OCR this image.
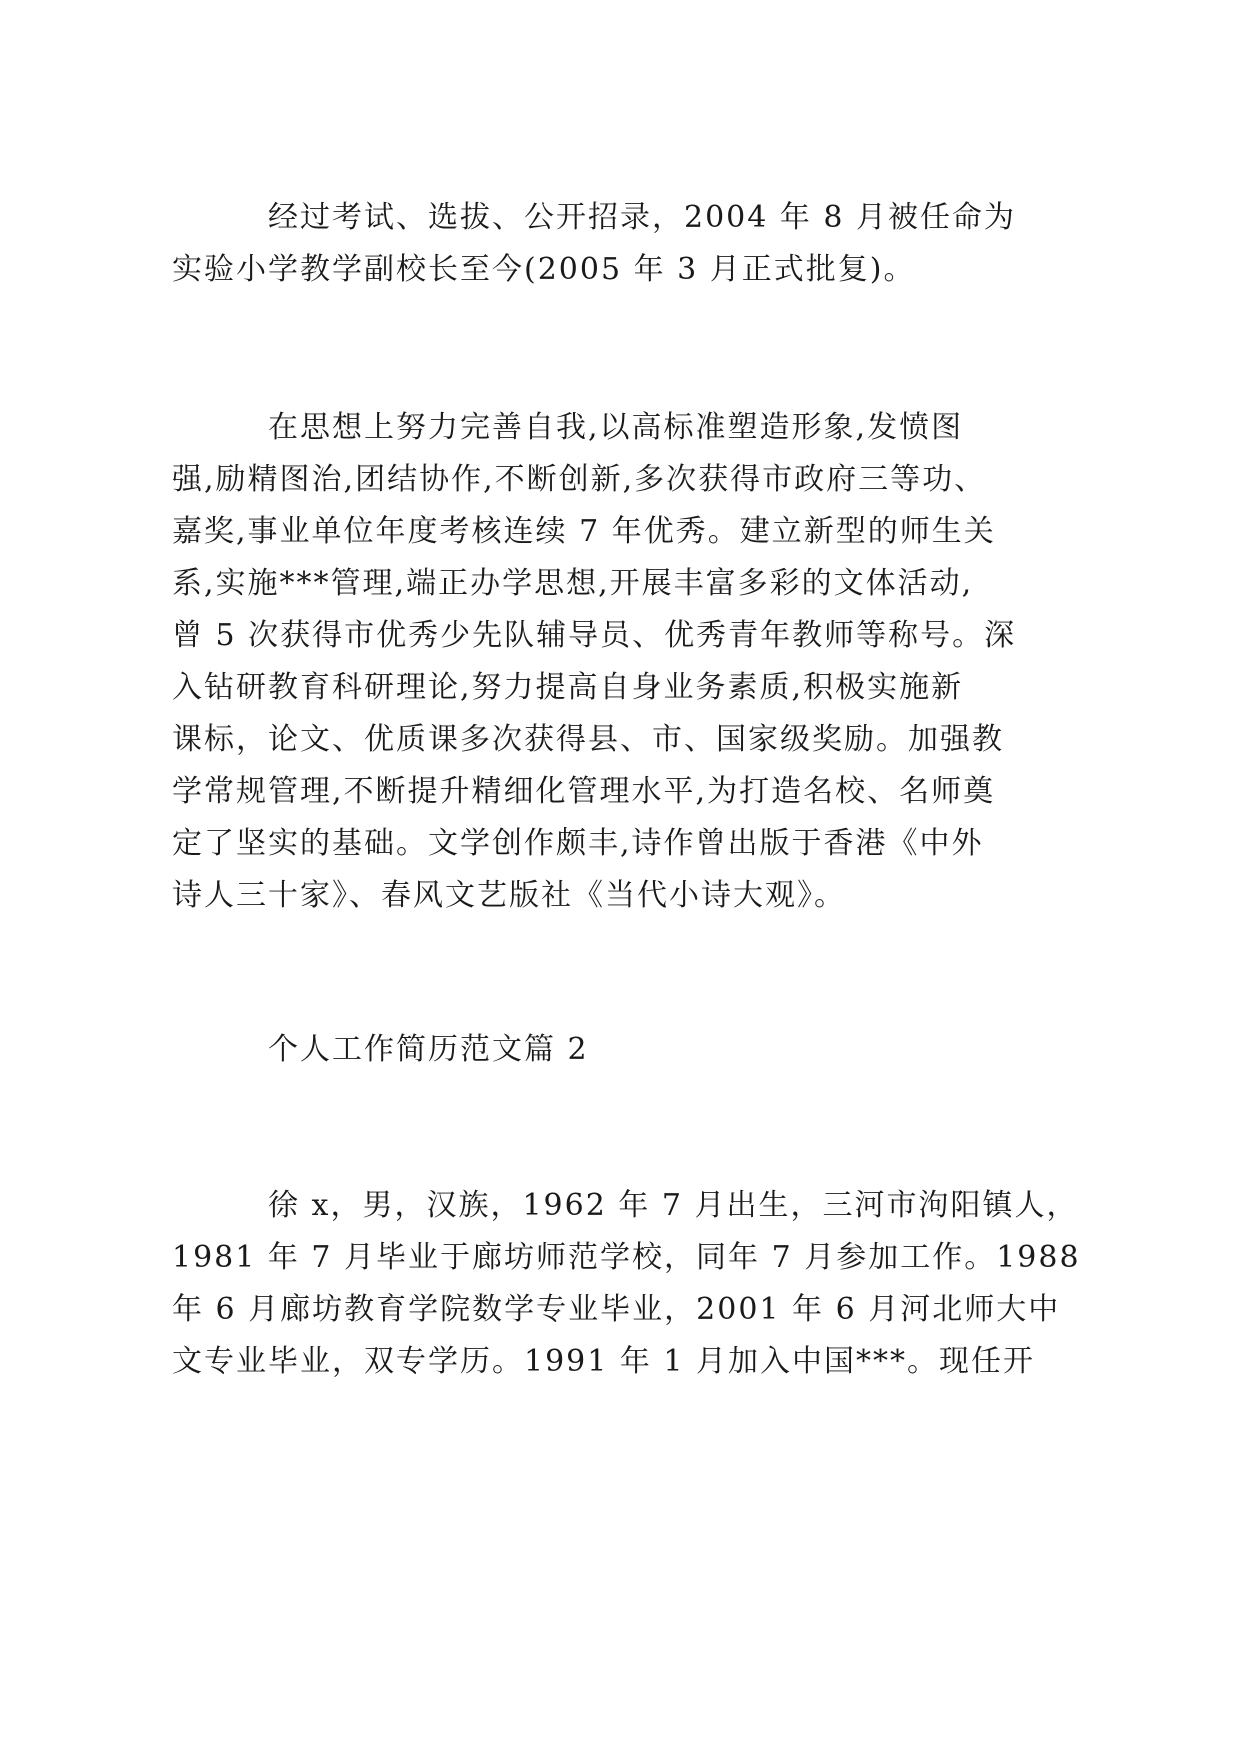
经过考试、选拔、公开招录，2004 年 8 月被任命为
实验小学教学副校长至今(2005 年 3 月正式批复)。
在思想上努力完善自我,以高标准塑造形象,发愤图
强,励精图治,团结协作,不断创新,多次获得市政府三等功、
嘉奖,事业单位年度考核连续 7 年优秀。建立新型的师生关
系,实施***管理,端正办学思想,开展丰富多彩的文体活动,
曾 5 次获得市优秀少先队辅导员、优秀青年教师等称号。深
入钻研教育科研理论,努力提高自身业务素质,积极实施新
课标，论文、优质课多次获得县、市、国家级奖励。加强教
学常规管理,不断提升精细化管理水平,为打造名校、名师奠
定了坚实的基础。文学创作颇丰,诗作曾出版于香港《中外
诗人三十家》、春风文艺版社《当代小诗大观》。
个人工作简历范文篇 2
徐 x，男，汉族，1962 年 7 月出生，三河市泃阳镇人，
1981 年 7 月毕业于廊坊师范学校，同年 7 月参加工作。1988
年 6 月廊坊教育学院数学专业毕业，2001 年 6 月河北师大中
文专业毕业，双专学历。1991 年 1 月加入中国***。现任开
